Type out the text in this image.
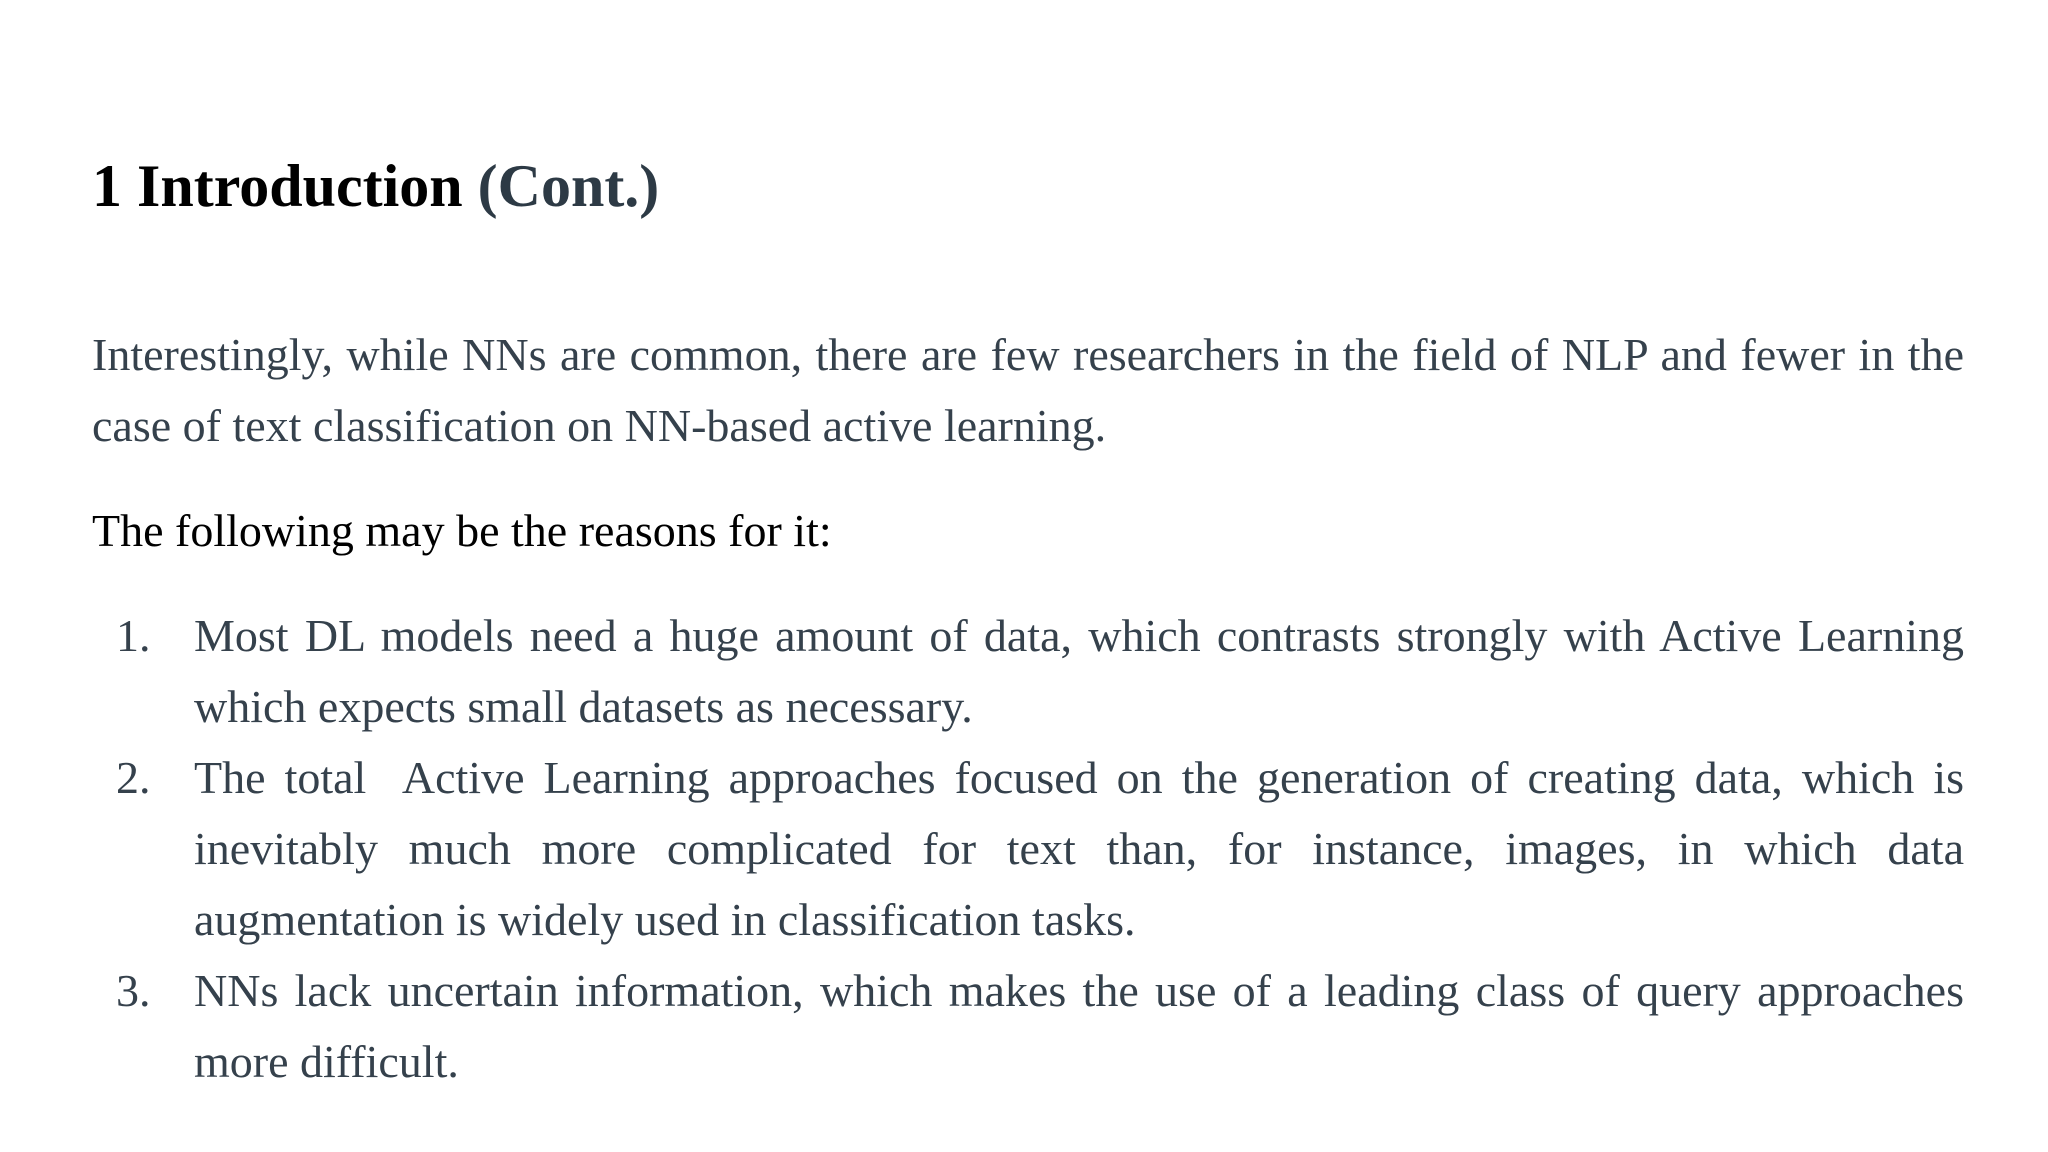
1 Introduction (Cont.)

Interestingly, while NNs are common, there are few researchers in the field of NLP and fewer in the case of text classification on NN-based active learning.

The following may be the reasons for it:

1. Most DL models need a huge amount of data, which contrasts strongly with Active Learning which expects small datasets as necessary.
2. The total  Active Learning approaches focused on the generation of creating data, which is inevitably much more complicated for text than, for instance, images, in which data augmentation is widely used in classification tasks.
3. NNs lack uncertain information, which makes the use of a leading class of query approaches more difficult.
